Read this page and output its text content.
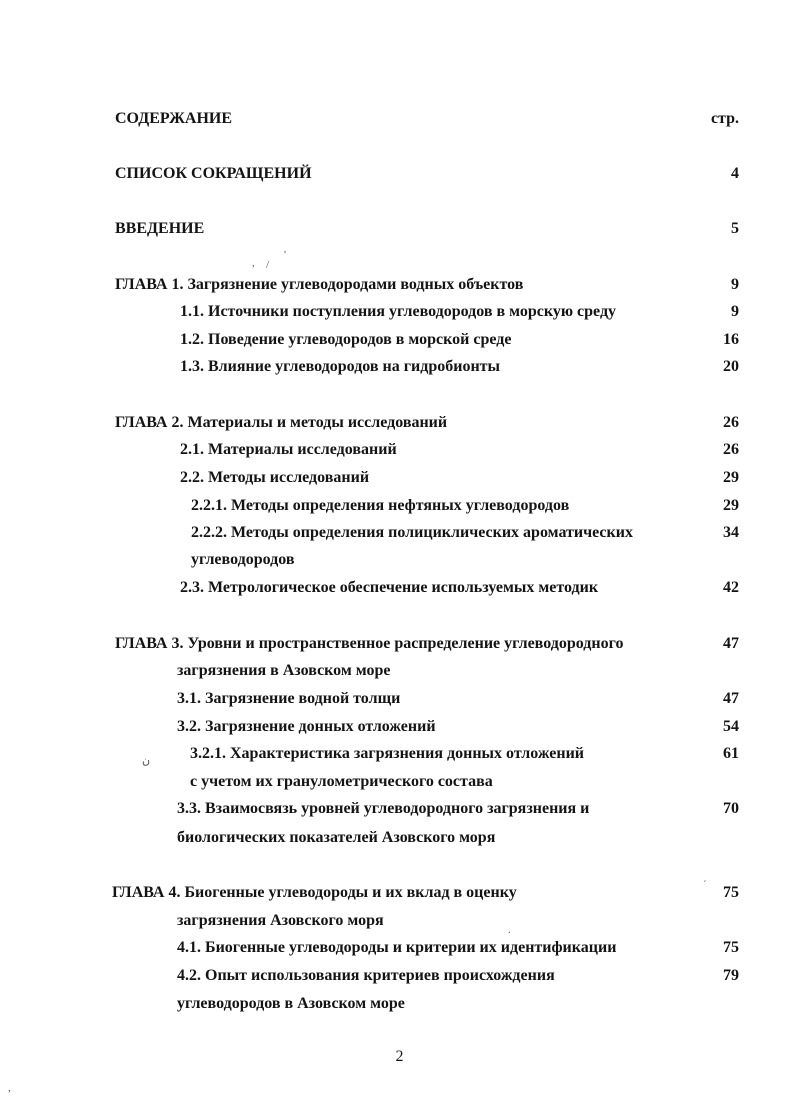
СОДЕРЖАНИЕ	стр.
СПИСОК СОКРАЩЕНИЙ	4
ВВЕДЕНИЕ	5
ГЛАВА 1. Загрязнение углеводородами водных объектов	9
1.1. Источники поступления углеводородов в морскую среду	9
1.2. Поведение углеводородов в морской среде	16
1.3. Влияние углеводородов на гидробионты	20
ГЛАВА 2. Материалы и методы исследований	26
2.1. Материалы исследований	26
2.2. Методы исследований	29
2.2.1. Методы определения нефтяных углеводородов	29
2.2.2. Методы определения полициклических ароматических	34
углеводородов
2.3. Метрологическое обеспечение используемых методик	42
ГЛАВА 3. Уровни и пространственное распределение углеводородного	47
загрязнения в Азовском море
3.1. Загрязнение водной толщи	47
3.2. Загрязнение донных отложений	54
3.2.1. Характеристика загрязнения донных отложений	61
с учетом их гранулометрического состава
3.3. Взаимосвязь уровней углеводородного загрязнения и	70
биологических показателей Азовского моря
ГЛАВА 4. Биогенные углеводороды и их вклад в оценку	75
загрязнения Азовского моря
4.1. Биогенные углеводороды и критерии их идентификации	75
4.2. Опыт использования критериев происхождения	79
углеводородов в Азовском море
2
, /
'
ن
´
.
,
